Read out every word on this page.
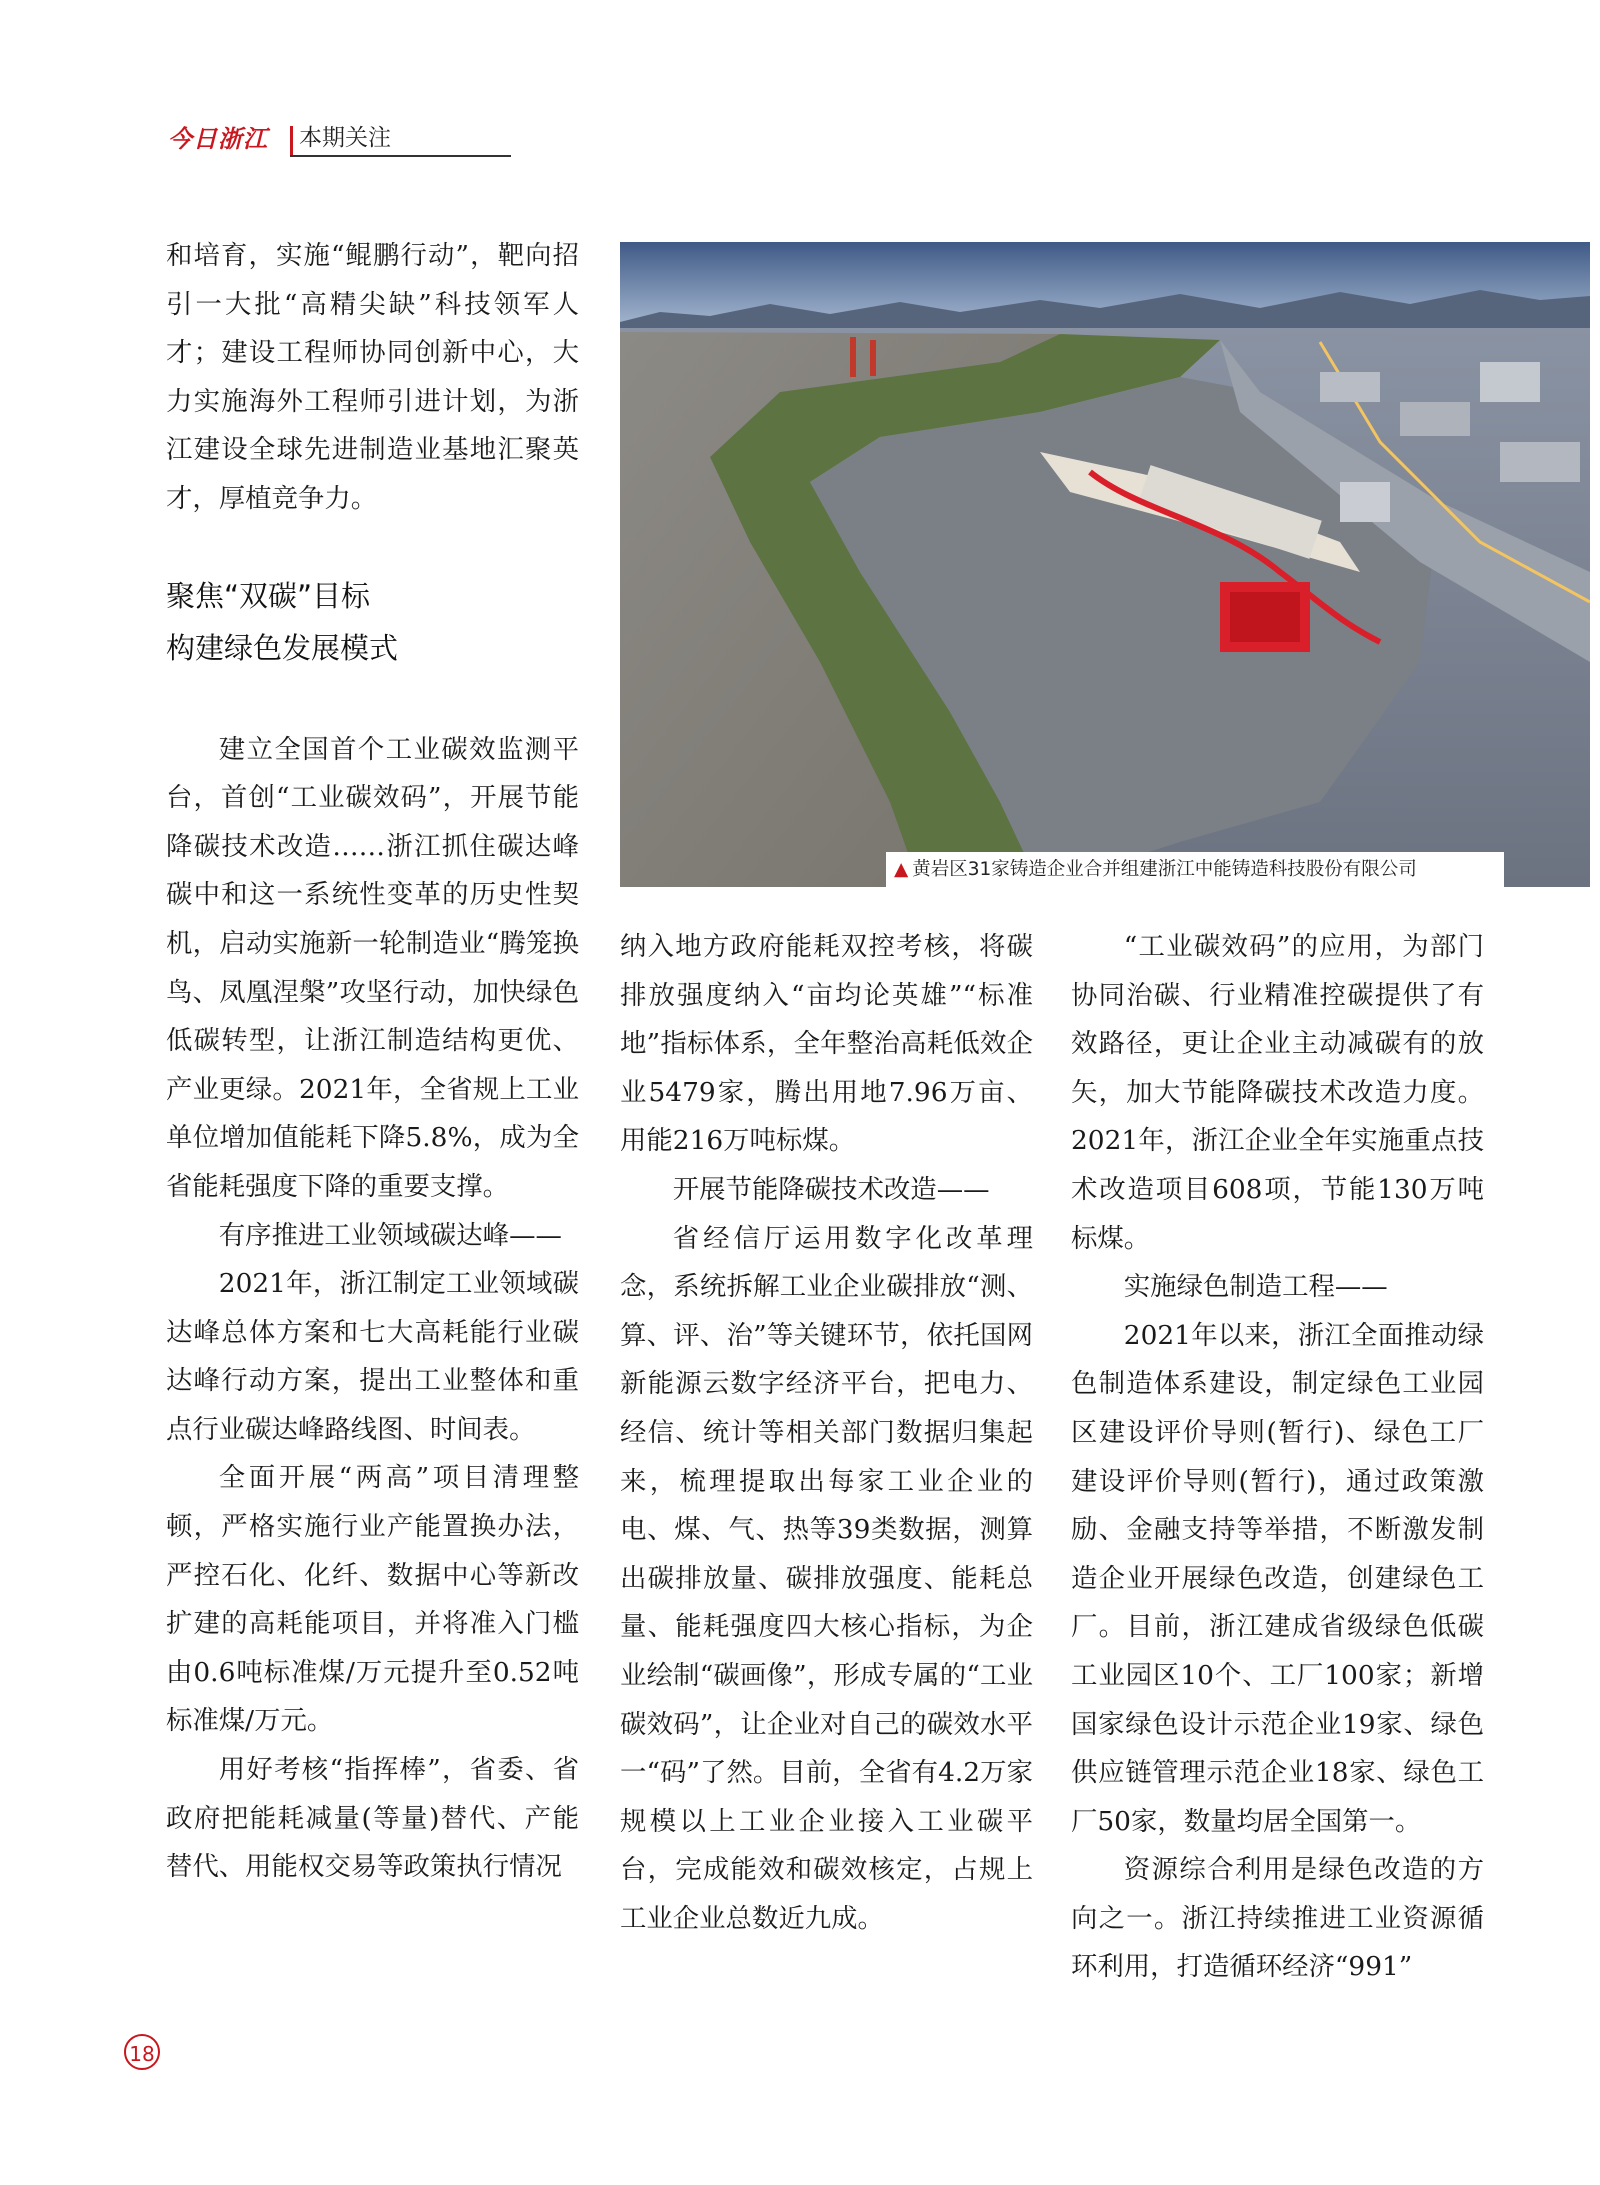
今日浙江	本期关注

和培育，实施“鲲鹏行动”，靶向招引一大批“高精尖缺”科技领军人才；建设工程师协同创新中心，大力实施海外工程师引进计划，为浙江建设全球先进制造业基地汇聚英才，厚植竞争力。

聚焦“双碳”目标
构建绿色发展模式

建立全国首个工业碳效监测平台，首创“工业碳效码”，开展节能降碳技术改造……浙江抓住碳达峰碳中和这一系统性变革的历史性契机，启动实施新一轮制造业“腾笼换鸟、凤凰涅槃”攻坚行动，加快绿色低碳转型，让浙江制造结构更优、产业更绿。2021年，全省规上工业单位增加值能耗下降5.8%，成为全省能耗强度下降的重要支撑。

有序推进工业领域碳达峰——

2021年，浙江制定工业领域碳达峰总体方案和七大高耗能行业碳达峰行动方案，提出工业整体和重点行业碳达峰路线图、时间表。

全面开展“两高”项目清理整顿，严格实施行业产能置换办法，严控石化、化纤、数据中心等新改扩建的高耗能项目，并将准入门槛由0.6吨标准煤/万元提升至0.52吨标准煤/万元。

用好考核“指挥棒”，省委、省政府把能耗减量(等量)替代、产能替代、用能权交易等政策执行情况

▲ 黄岩区31家铸造企业合并组建浙江中能铸造科技股份有限公司

纳入地方政府能耗双控考核，将碳排放强度纳入“亩均论英雄”“标准地”指标体系，全年整治高耗低效企业5479家，腾出用地7.96万亩、用能216万吨标煤。

开展节能降碳技术改造——

省经信厅运用数字化改革理念，系统拆解工业企业碳排放“测、算、评、治”等关键环节，依托国网新能源云数字经济平台，把电力、经信、统计等相关部门数据归集起来，梳理提取出每家工业企业的电、煤、气、热等39类数据，测算出碳排放量、碳排放强度、能耗总量、能耗强度四大核心指标，为企业绘制“碳画像”，形成专属的“工业碳效码”，让企业对自己的碳效水平一“码”了然。目前，全省有4.2万家规模以上工业企业接入工业碳平台，完成能效和碳效核定，占规上工业企业总数近九成。

“工业碳效码”的应用，为部门协同治碳、行业精准控碳提供了有效路径，更让企业主动减碳有的放矢，加大节能降碳技术改造力度。2021年，浙江企业全年实施重点技术改造项目608项，节能130万吨标煤。

实施绿色制造工程——

2021年以来，浙江全面推动绿色制造体系建设，制定绿色工业园区建设评价导则(暂行)、绿色工厂建设评价导则(暂行)，通过政策激励、金融支持等举措，不断激发制造企业开展绿色改造，创建绿色工厂。目前，浙江建成省级绿色低碳工业园区10个、工厂100家；新增国家绿色设计示范企业19家、绿色供应链管理示范企业18家、绿色工厂50家，数量均居全国第一。

资源综合利用是绿色改造的方向之一。浙江持续推进工业资源循环利用，打造循环经济“991”

18
